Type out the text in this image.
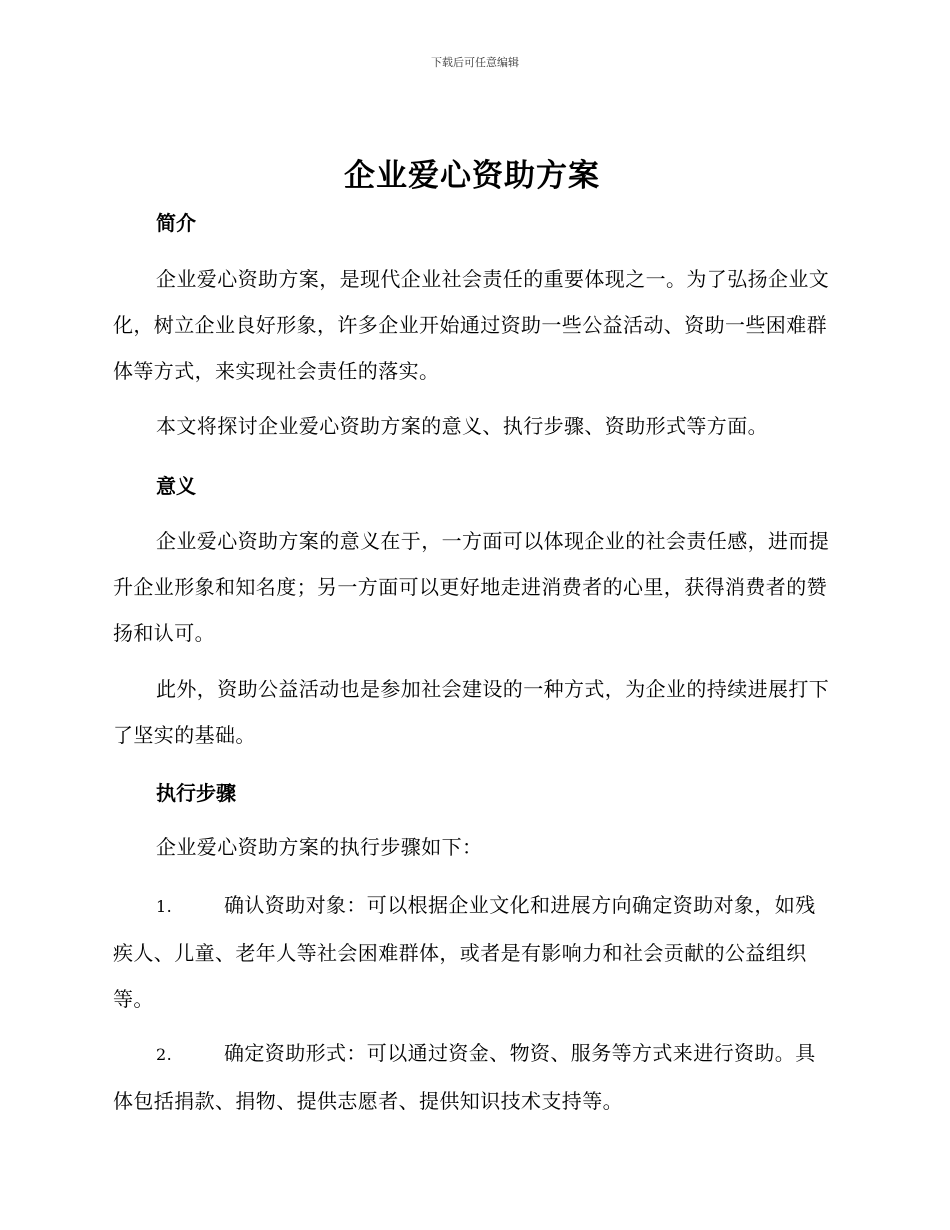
下载后可任意编辑
企业爱心资助方案
简介

企业爱心资助方案，是现代企业社会责任的重要体现之一。为了弘扬企业文化，树立企业良好形象，许多企业开始通过资助一些公益活动、资助一些困难群体等方式，来实现社会责任的落实。

本文将探讨企业爱心资助方案的意义、执行步骤、资助形式等方面。

意义

企业爱心资助方案的意义在于，一方面可以体现企业的社会责任感，进而提升企业形象和知名度；另一方面可以更好地走进消费者的心里，获得消费者的赞扬和认可。

此外，资助公益活动也是参加社会建设的一种方式，为企业的持续进展打下了坚实的基础。

执行步骤

企业爱心资助方案的执行步骤如下：

1.	确认资助对象：可以根据企业文化和进展方向确定资助对象，如残疾人、儿童、老年人等社会困难群体，或者是有影响力和社会贡献的公益组织等。

2.	确定资助形式：可以通过资金、物资、服务等方式来进行资助。具体包括捐款、捐物、提供志愿者、提供知识技术支持等。
